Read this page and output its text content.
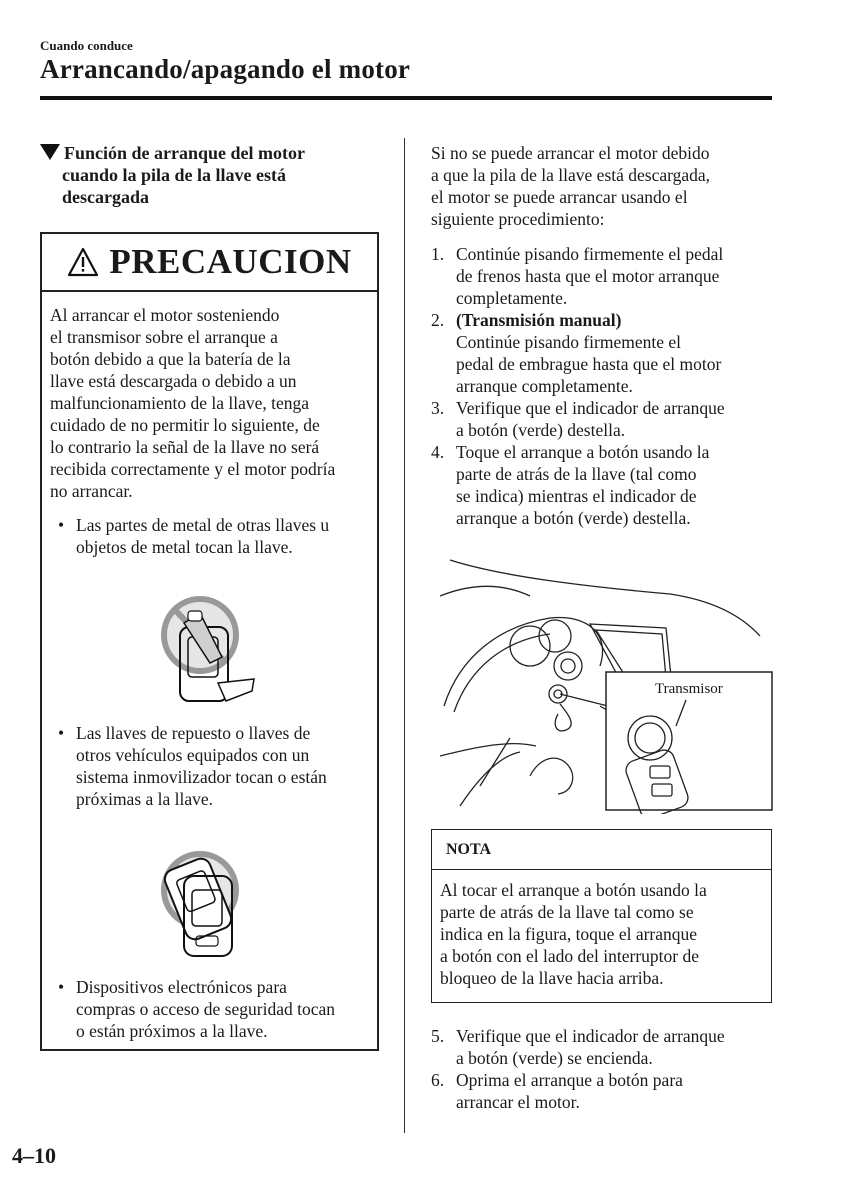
Cuando conduce
Arrancando/apagando el motor
Función de arranque del motor
cuando la pila de la llave está
descargada
PRECAUCION

Al arrancar el motor sosteniendo

el transmisor sobre el arranque a

botón debido a que la batería de la

llave está descargada o debido a un

malfuncionamiento de la llave, tenga

cuidado de no permitir lo siguiente, de

lo contrario la señal de la llave no será

recibida correctamente y el motor podría

no arrancar.

• Las partes de metal de otras llaves u
objetos de metal tocan la llave.
• Las llaves de repuesto o llaves de
otros vehículos equipados con un
sistema inmovilizador tocan o están
próximas a la llave.
• Dispositivos electrónicos para
compras o acceso de seguridad tocan
o están próximos a la llave.
Si no se puede arrancar el motor debido
a que la pila de la llave está descargada,
el motor se puede arrancar usando el
siguiente procedimiento:
1. Continúe pisando firmemente el pedal
de frenos hasta que el motor arranque
completamente.
2. (Transmisión manual)
Continúe pisando firmemente el
pedal de embrague hasta que el motor
arranque completamente.
3. Verifique que el indicador de arranque
a botón (verde) destella.
4. Toque el arranque a botón usando la
parte de atrás de la llave (tal como
se indica) mientras el indicador de
arranque a botón (verde) destella.
Transmisor
NOTA
Al tocar el arranque a botón usando la
parte de atrás de la llave tal como se
indica en la figura, toque el arranque
a botón con el lado del interruptor de
bloqueo de la llave hacia arriba.
5. Verifique que el indicador de arranque
a botón (verde) se encienda.
6. Oprima el arranque a botón para
arrancar el motor.
4–10
